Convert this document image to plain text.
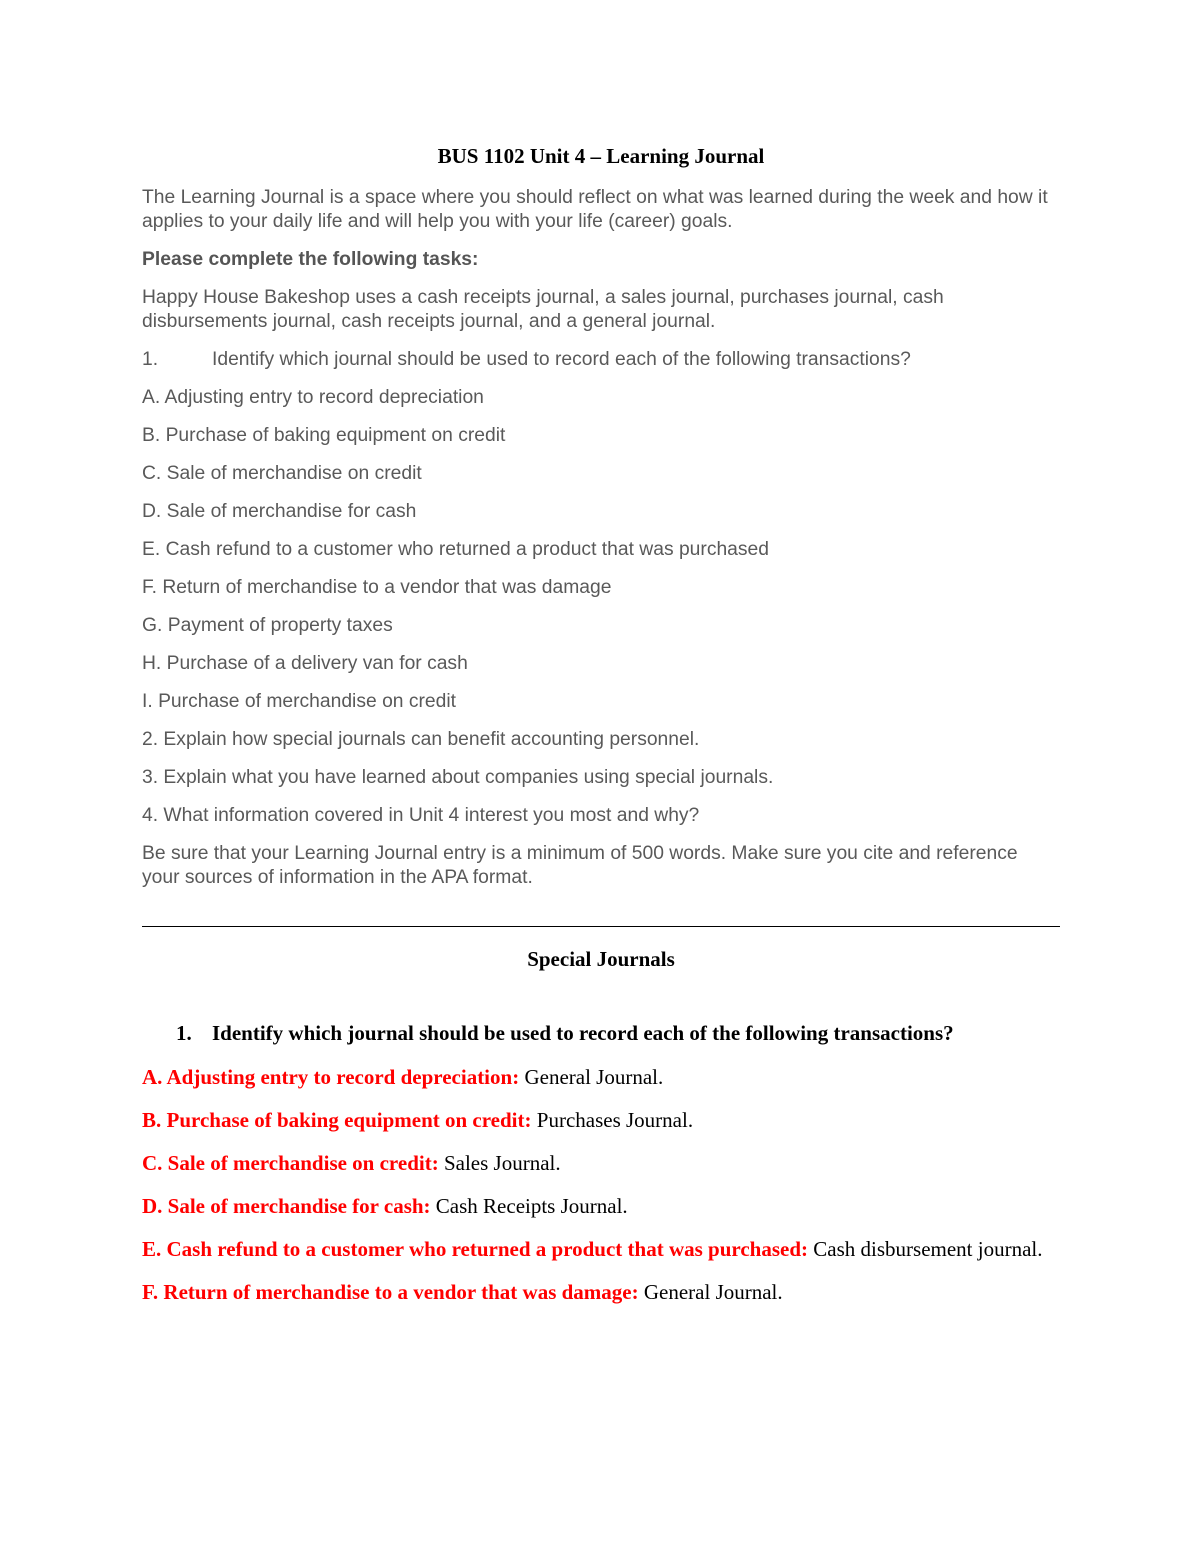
BUS 1102 Unit 4 – Learning Journal

The Learning Journal is a space where you should reflect on what was learned during the week and how it applies to your daily life and will help you with your life (career) goals.

Please complete the following tasks:

Happy House Bakeshop uses a cash receipts journal, a sales journal, purchases journal, cash disbursements journal, cash receipts journal, and a general journal.

1.	Identify which journal should be used to record each of the following transactions?

A. Adjusting entry to record depreciation

B. Purchase of baking equipment on credit

C. Sale of merchandise on credit

D. Sale of merchandise for cash

E. Cash refund to a customer who returned a product that was purchased

F. Return of merchandise to a vendor that was damage

G. Payment of property taxes

H. Purchase of a delivery van for cash

I. Purchase of merchandise on credit

2. Explain how special journals can benefit accounting personnel.

3. Explain what you have learned about companies using special journals.

4. What information covered in Unit 4 interest you most and why?

Be sure that your Learning Journal entry is a minimum of 500 words. Make sure you cite and reference your sources of information in the APA format.

Special Journals
1. Identify which journal should be used to record each of the following transactions?

A. Adjusting entry to record depreciation: General Journal.

B. Purchase of baking equipment on credit: Purchases Journal.

C. Sale of merchandise on credit: Sales Journal.

D. Sale of merchandise for cash: Cash Receipts Journal.

E. Cash refund to a customer who returned a product that was purchased: Cash disbursement journal.

F. Return of merchandise to a vendor that was damage: General Journal.
